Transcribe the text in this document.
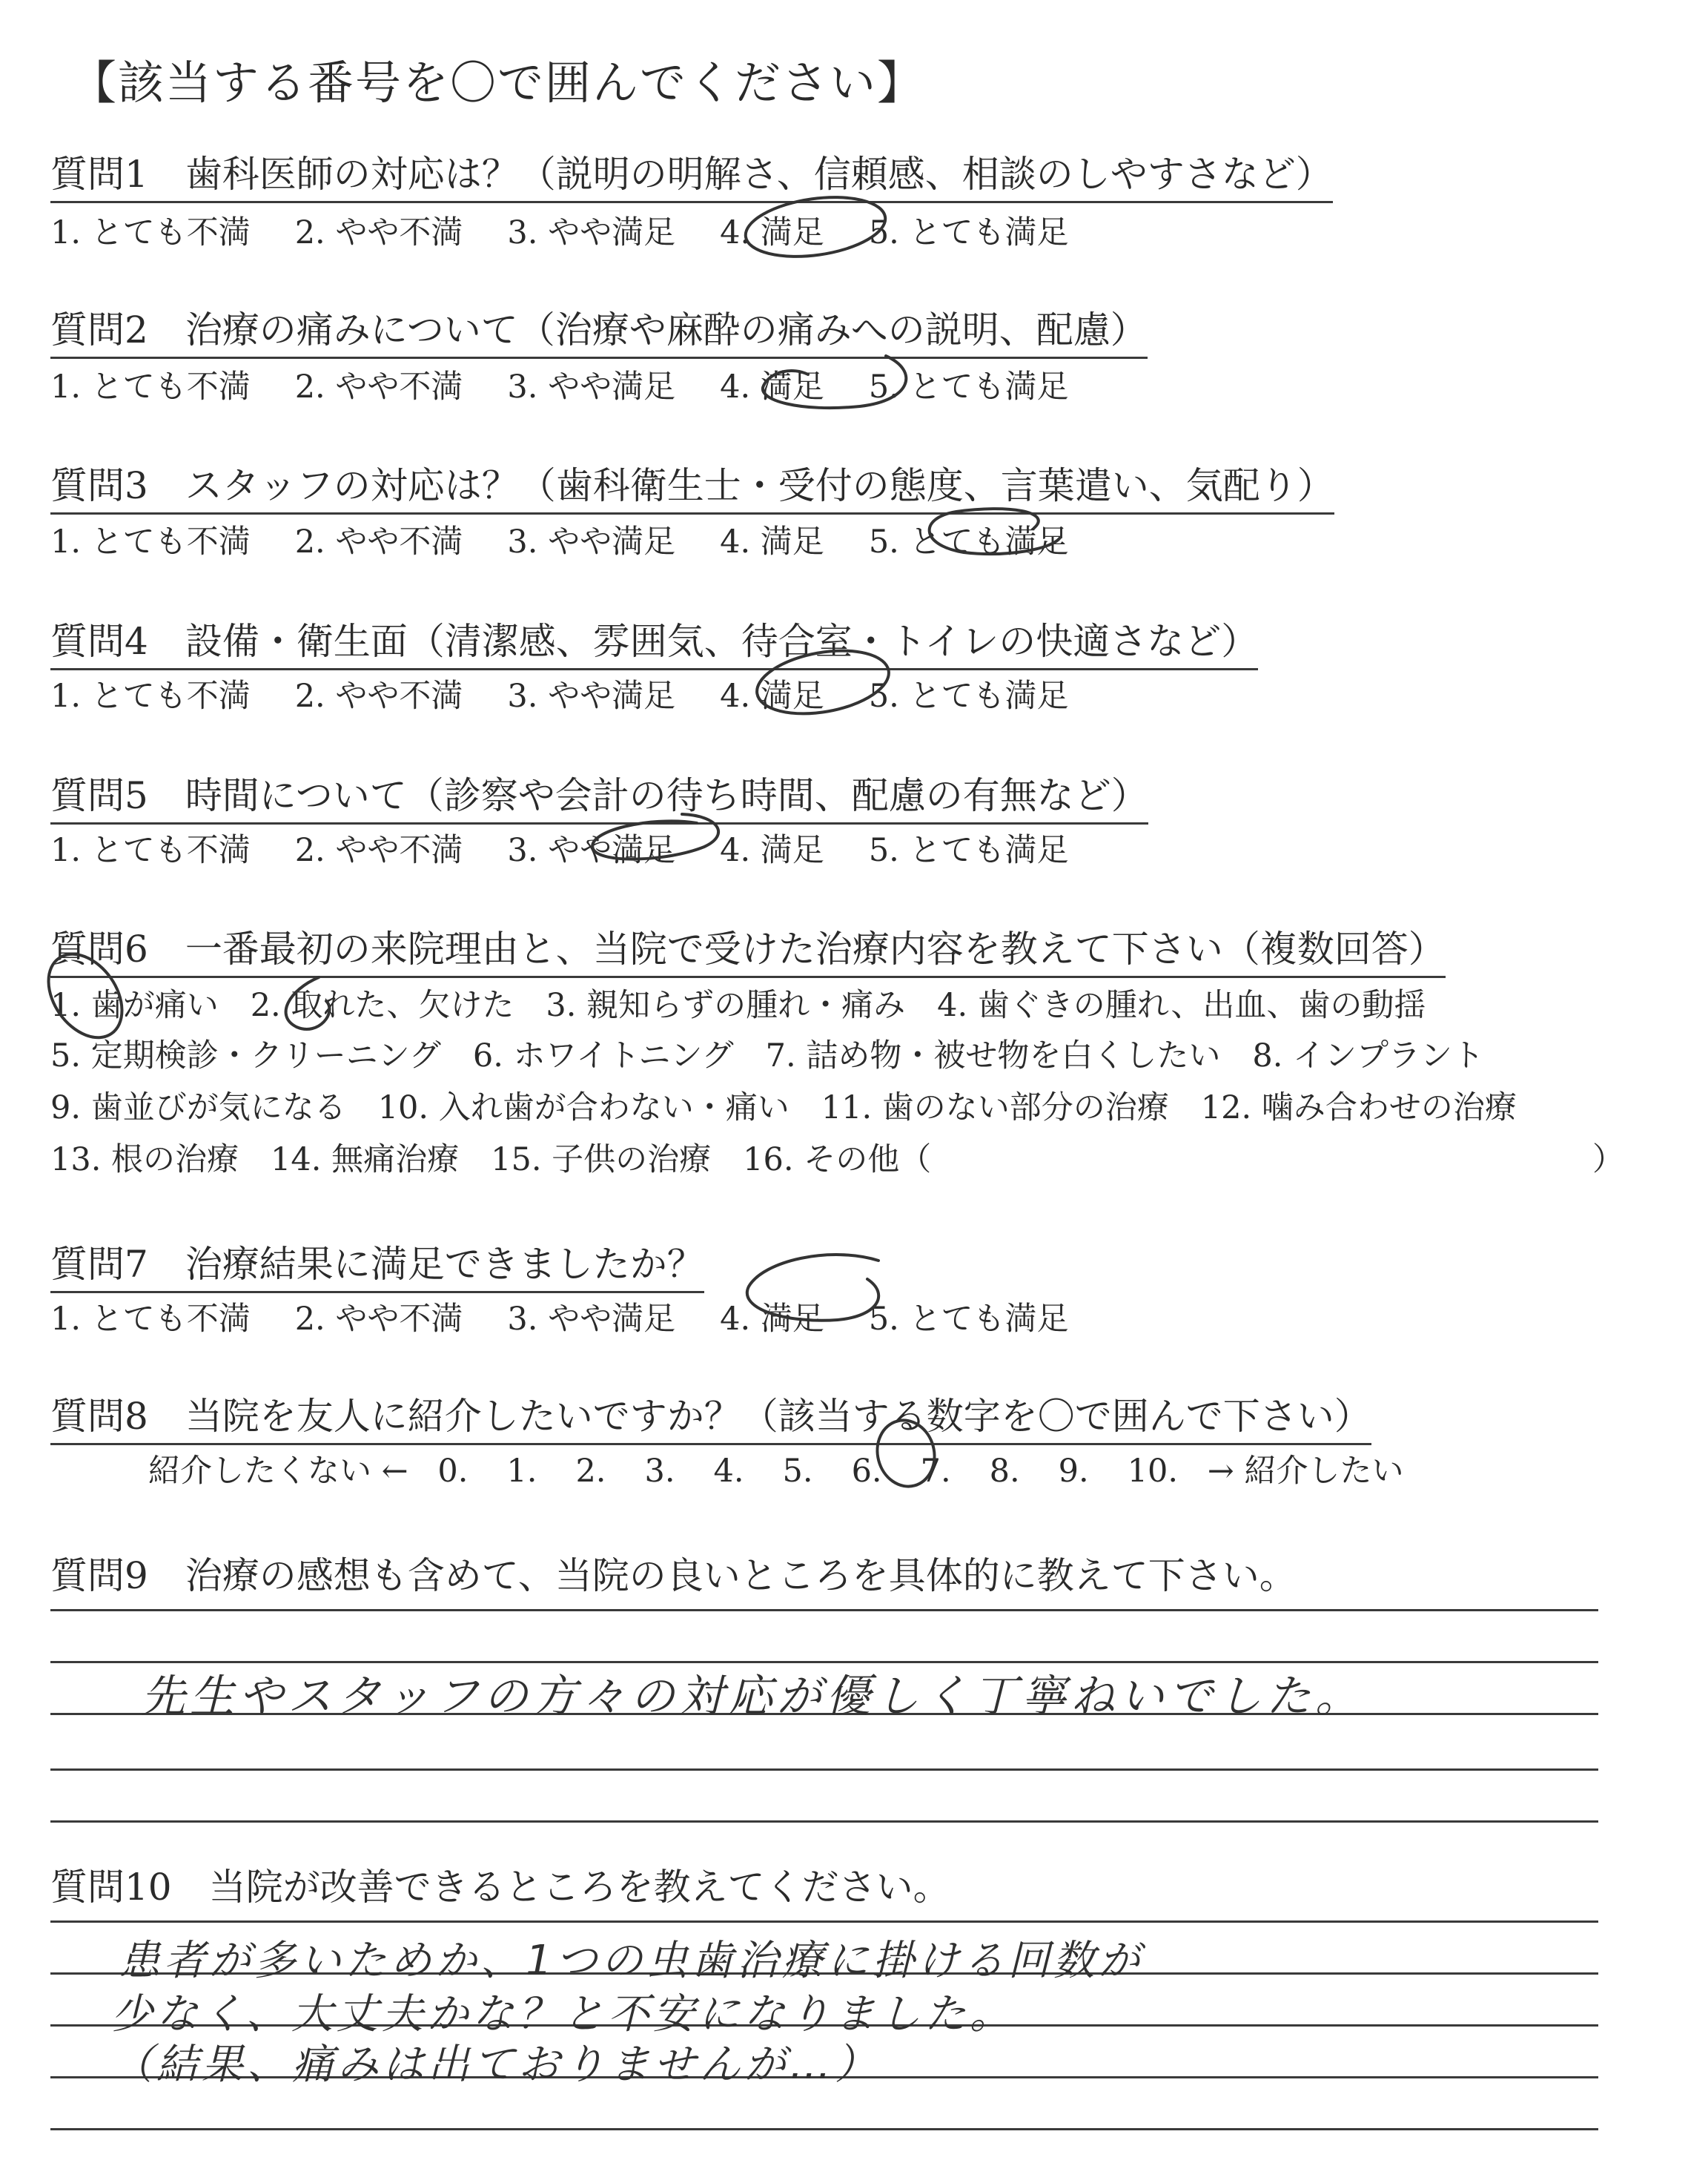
【該当する番号を〇で囲んでください】
質問1 歯科医師の対応は？（説明の明解さ、信頼感、相談のしやすさなど）
1. とても不満 2. やや不満 3. やや満足 4. 満足 5. とても満足
質問2 治療の痛みについて（治療や麻酔の痛みへの説明、配慮）
1. とても不満 2. やや不満 3. やや満足 4. 満足 5. とても満足
質問3 スタッフの対応は？（歯科衛生士・受付の態度、言葉遣い、気配り）
1. とても不満 2. やや不満 3. やや満足 4. 満足 5. とても満足
質問4 設備・衛生面（清潔感、雰囲気、待合室・トイレの快適さなど）
1. とても不満 2. やや不満 3. やや満足 4. 満足 5. とても満足
質問5 時間について（診察や会計の待ち時間、配慮の有無など）
1. とても不満 2. やや不満 3. やや満足 4. 満足 5. とても満足
質問6 一番最初の来院理由と、当院で受けた治療内容を教えて下さい（複数回答）
1. 歯が痛い　2. 取れた、欠けた　3. 親知らずの腫れ・痛み　4. 歯ぐきの腫れ、出血、歯の動揺
5. 定期検診・クリーニング　6. ホワイトニング　7. 詰め物・被せ物を白くしたい　8. インプラント
9. 歯並びが気になる　10. 入れ歯が合わない・痛い　11. 歯のない部分の治療　12. 噛み合わせの治療
13. 根の治療　14. 無痛治療　15. 子供の治療　16. その他（	）
質問7 治療結果に満足できましたか？
1. とても不満 2. やや不満 3. やや満足 4. 満足 5. とても満足
質問8 当院を友人に紹介したいですか？（該当する数字を〇で囲んで下さい）
紹介したくない ← 0. 1. 2. 3. 4. 5. 6. 7. 8. 9. 10. → 紹介したい
質問9 治療の感想も含めて、当院の良いところを具体的に教えて下さい。
先生やスタッフの方々の対応が優しく丁寧ねいでした。
質問10 当院が改善できるところを教えてください。
患者が多いためか、1つの虫歯治療に掛ける回数が
少なく、大丈夫かな？と不安になりました。
（結果、痛みは出ておりませんが…）
